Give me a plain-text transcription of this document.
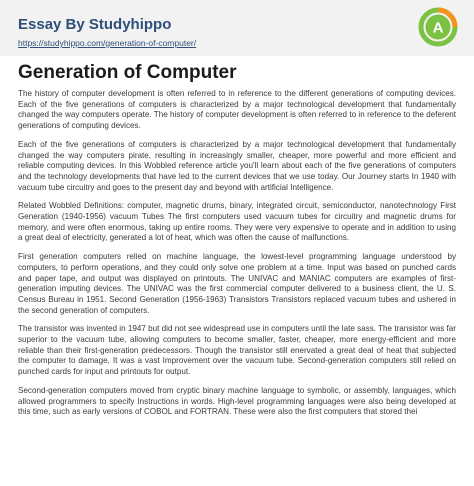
Essay By Studyhippo
https://studyhippo.com/generation-of-computer/
A
Generation of Computer

The history of computer development is often referred to in reference to the different generations of computing devices. Each of the five generations of computers is characterized by a major technological development that fundamentally changed the way computers operate. The history of computer development is often referred to in reference to the deferent generations of computing devices.

Each of the five generations of computers is characterized by a major technological development that fundamentally changed the way computers pirate, resulting in increasingly smaller, cheaper, more powerful and more efficient and reliable computing devices. In this Wobbled reference article you'll learn about each of the five generations of computers and the technology developments that have led to the current devices that we use today. Our Journey starts In 1940 with vacuum tube circuitry and goes to the present day and beyond with artificial Intelligence.

Related Wobbled Definitions: computer, magnetic drums, binary, integrated circuit, semiconductor, nanotechnology First Generation (1940-1956) vacuum Tubes The first computers used vacuum tubes for circuitry and magnetic drums for memory, and were often enormous, taking up entire rooms. They were very expensive to operate and in addition to using a great deal of electricity, generated a lot of heat, which was often the cause of malfunctions.

First generation computers relied on machine language, the lowest-level programming language understood by computers, to perform operations, and they could only solve one problem at a time. Input was based on punched cards and paper tape, and output was displayed on printouts. The UNIVAC and MANIAC computers are examples of first-generation imputing devices. The UNIVAC was the first commercial computer delivered to a business client, the U. S. Census Bureau in 1951. Second Generation (1956-1963) Transistors Transistors replaced vacuum tubes and ushered in the second generation of computers.

The transistor was invented in 1947 but did not see widespread use in computers until the late sass. The transistor was far superior to the vacuum tube, allowing computers to become smaller, faster, cheaper, more energy-efficient and more reliable than their first-generation predecessors. Though the transistor still enervated a great deal of heat that subjected the computer to damage, It was a vast Improvement over the vacuum tube. Second-generation computers still relied on punched cards for input and printouts for output.

Second-generation computers moved from cryptic binary machine language to symbolic, or assembly, languages, which allowed programmers to specify Instructions in words. High-level programming languages were also being developed at this time, such as early versions of COBOL and FORTRAN. These were also the first computers that stored thei
